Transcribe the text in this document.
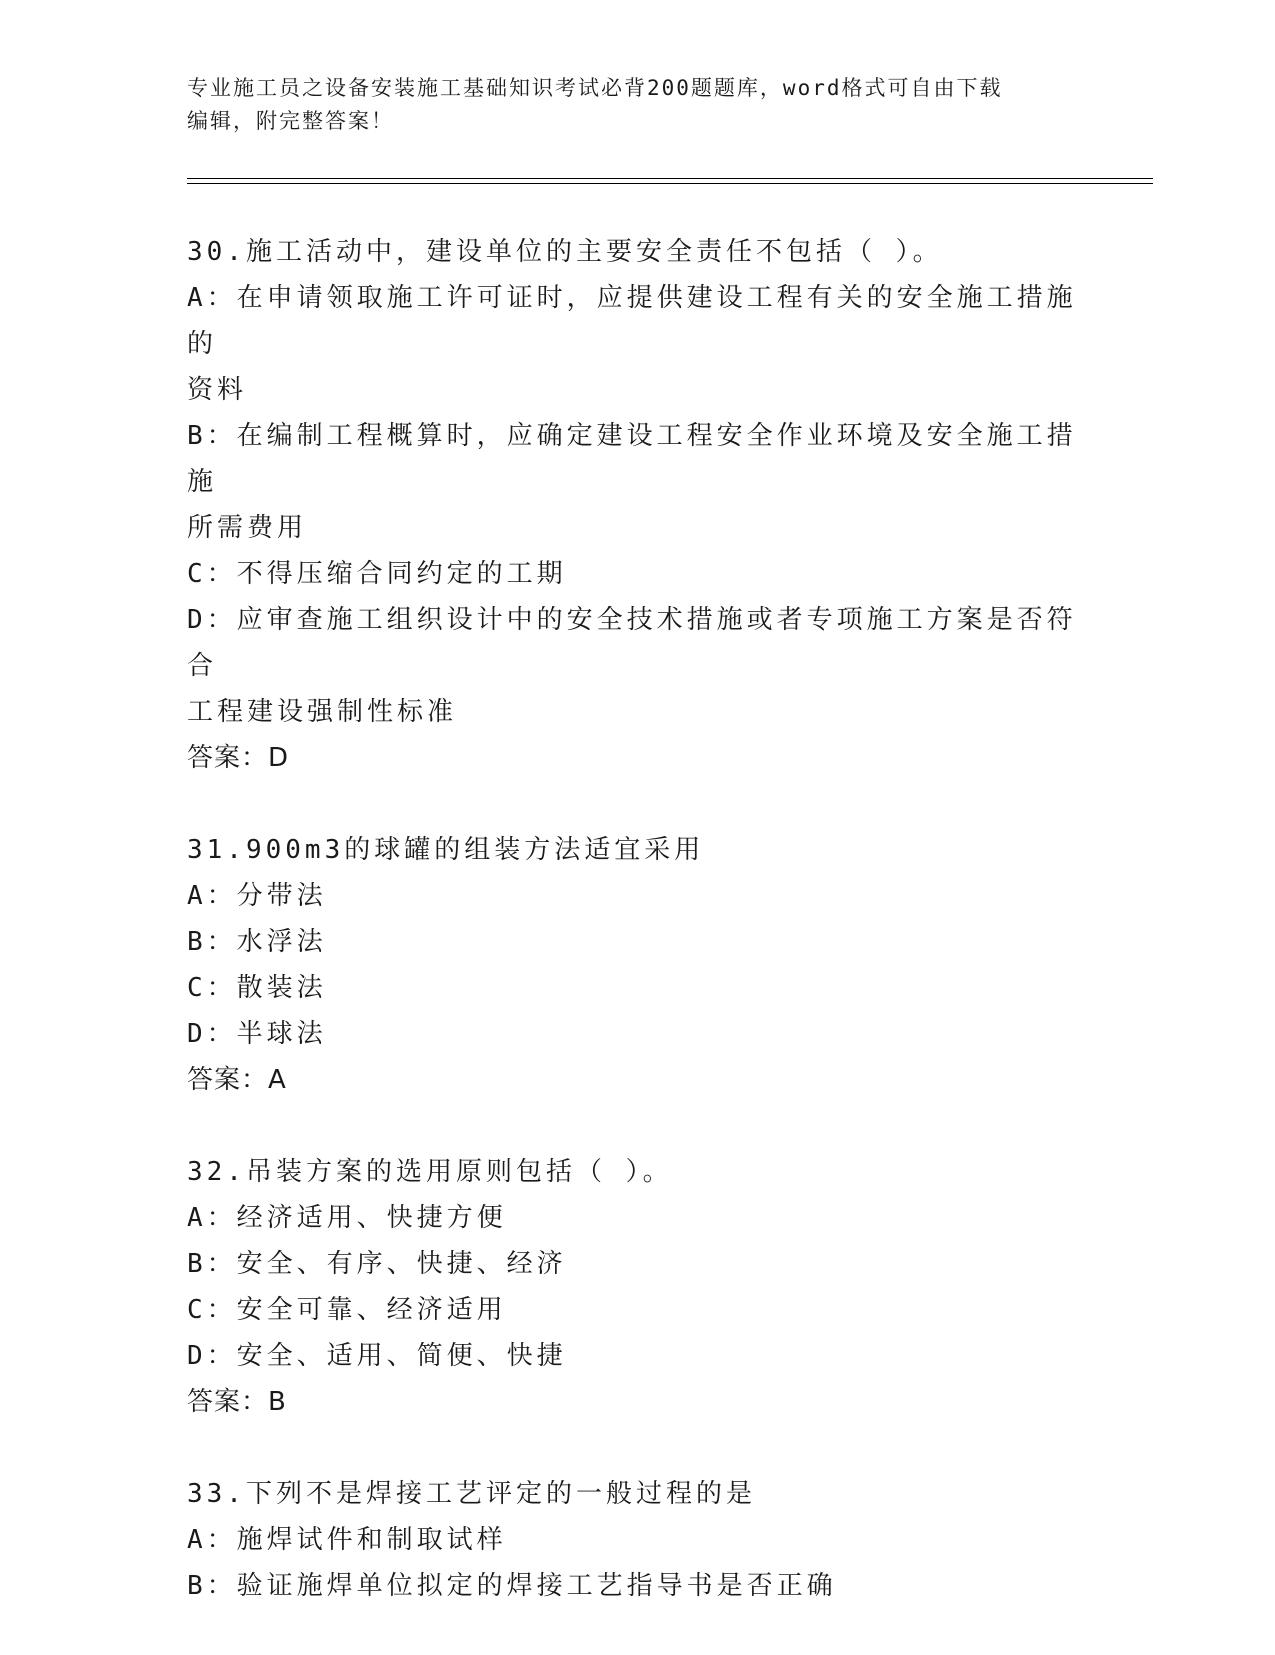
专业施工员之设备安装施工基础知识考试必背200题题库，word格式可自由下载
编辑，附完整答案！
30.施工活动中，建设单位的主要安全责任不包括（ ）。
A：在申请领取施工许可证时，应提供建设工程有关的安全施工措施的
资料
B：在编制工程概算时，应确定建设工程安全作业环境及安全施工措施
所需费用
C：不得压缩合同约定的工期
D：应审查施工组织设计中的安全技术措施或者专项施工方案是否符合
工程建设强制性标准
答案：D
31.900m3的球罐的组装方法适宜采用
A：分带法
B：水浮法
C：散装法
D：半球法
答案：A
32.吊装方案的选用原则包括（ ）。
A：经济适用、快捷方便
B：安全、有序、快捷、经济
C：安全可靠、经济适用
D：安全、适用、简便、快捷
答案：B
33.下列不是焊接工艺评定的一般过程的是
A：施焊试件和制取试样
B：验证施焊单位拟定的焊接工艺指导书是否正确
